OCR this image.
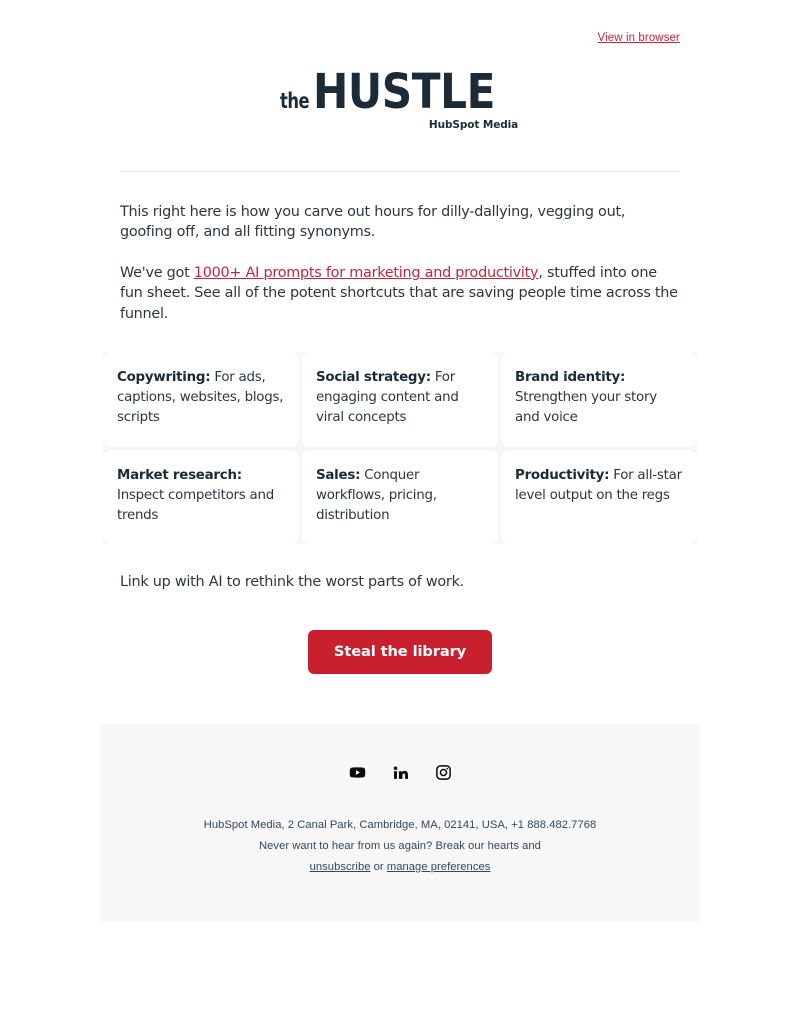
View in browser
the HUSTLE
HubSpot Media

This right here is how you carve out hours for dilly-dallying, vegging out, goofing off, and all fitting synonyms.

We've got 1000+ AI prompts for marketing and productivity, stuffed into one fun sheet. See all of the potent shortcuts that are saving people time across the funnel.

Copywriting: For ads, captions, websites, blogs, scripts
Social strategy: For engaging content and viral concepts
Brand identity: Strengthen your story and voice
Market research: Inspect competitors and trends
Sales: Conquer workflows, pricing, distribution
Productivity: For all-star level output on the regs

Link up with AI to rethink the worst parts of work.

Steal the library
HubSpot Media, 2 Canal Park, Cambridge, MA, 02141, USA, +1 888.482.7768
Never want to hear from us again? Break our hearts and
unsubscribe or manage preferences
